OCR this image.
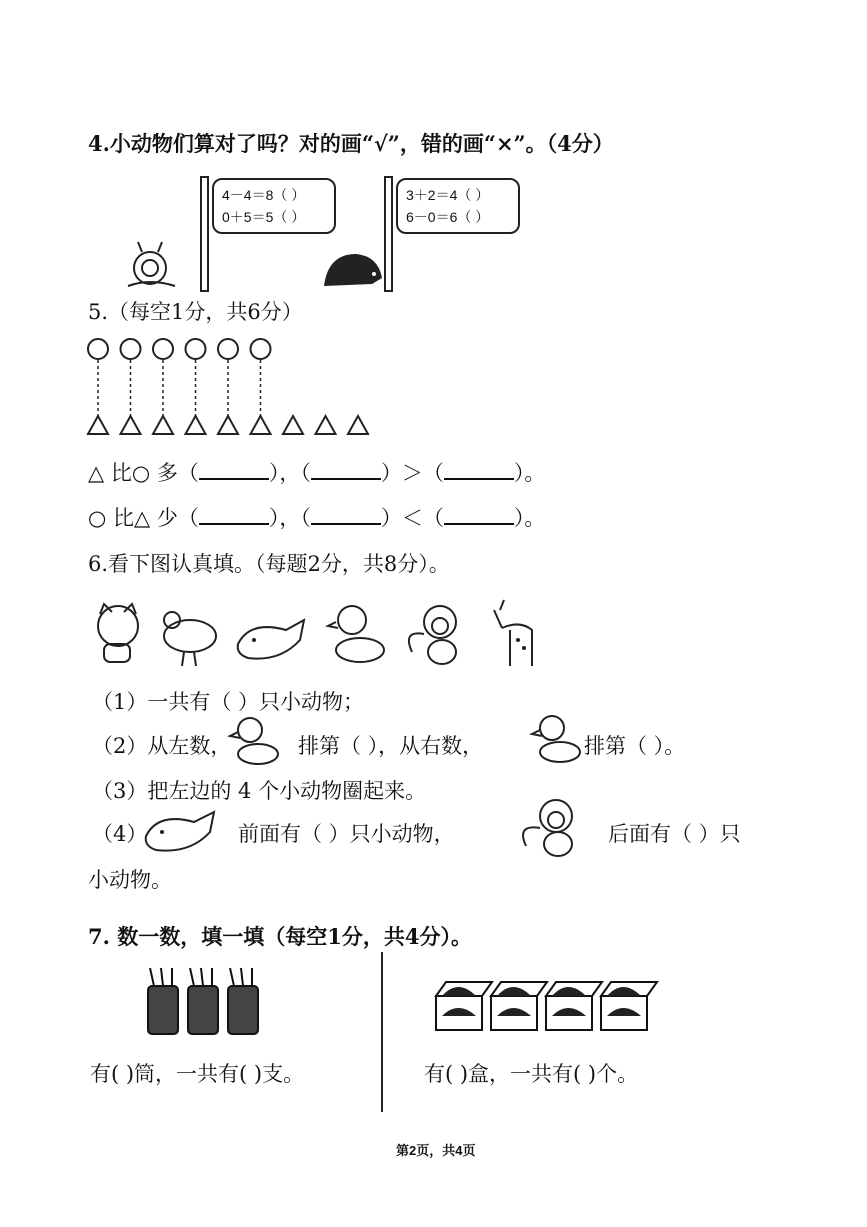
4.小动物们算对了吗？对的画“√”，错的画“×”。（4分）
4－4＝8（ ）
0＋5＝5（ ）
3＋2＝4（ ）
6－0＝6（ ）
5.（每空1分，共6分）
△ 比○ 多（	），（	）＞（	）。
○ 比△ 少（	），（	）＜（	）。
6.看下图认真填。（每题2分，共8分）。
（1）一共有（ ）只小动物；
（2）从左数，	排第（ ），从右数，	排第（ ）。
（3）把左边的 4 个小动物圈起来。
（4）	前面有（ ）只小动物，	后面有（ ）只
小动物。
7. 数一数，填一填（每空1分，共4分）。
有( )筒，一共有( )支。	有( )盒，一共有( )个。
第2页，共4页
